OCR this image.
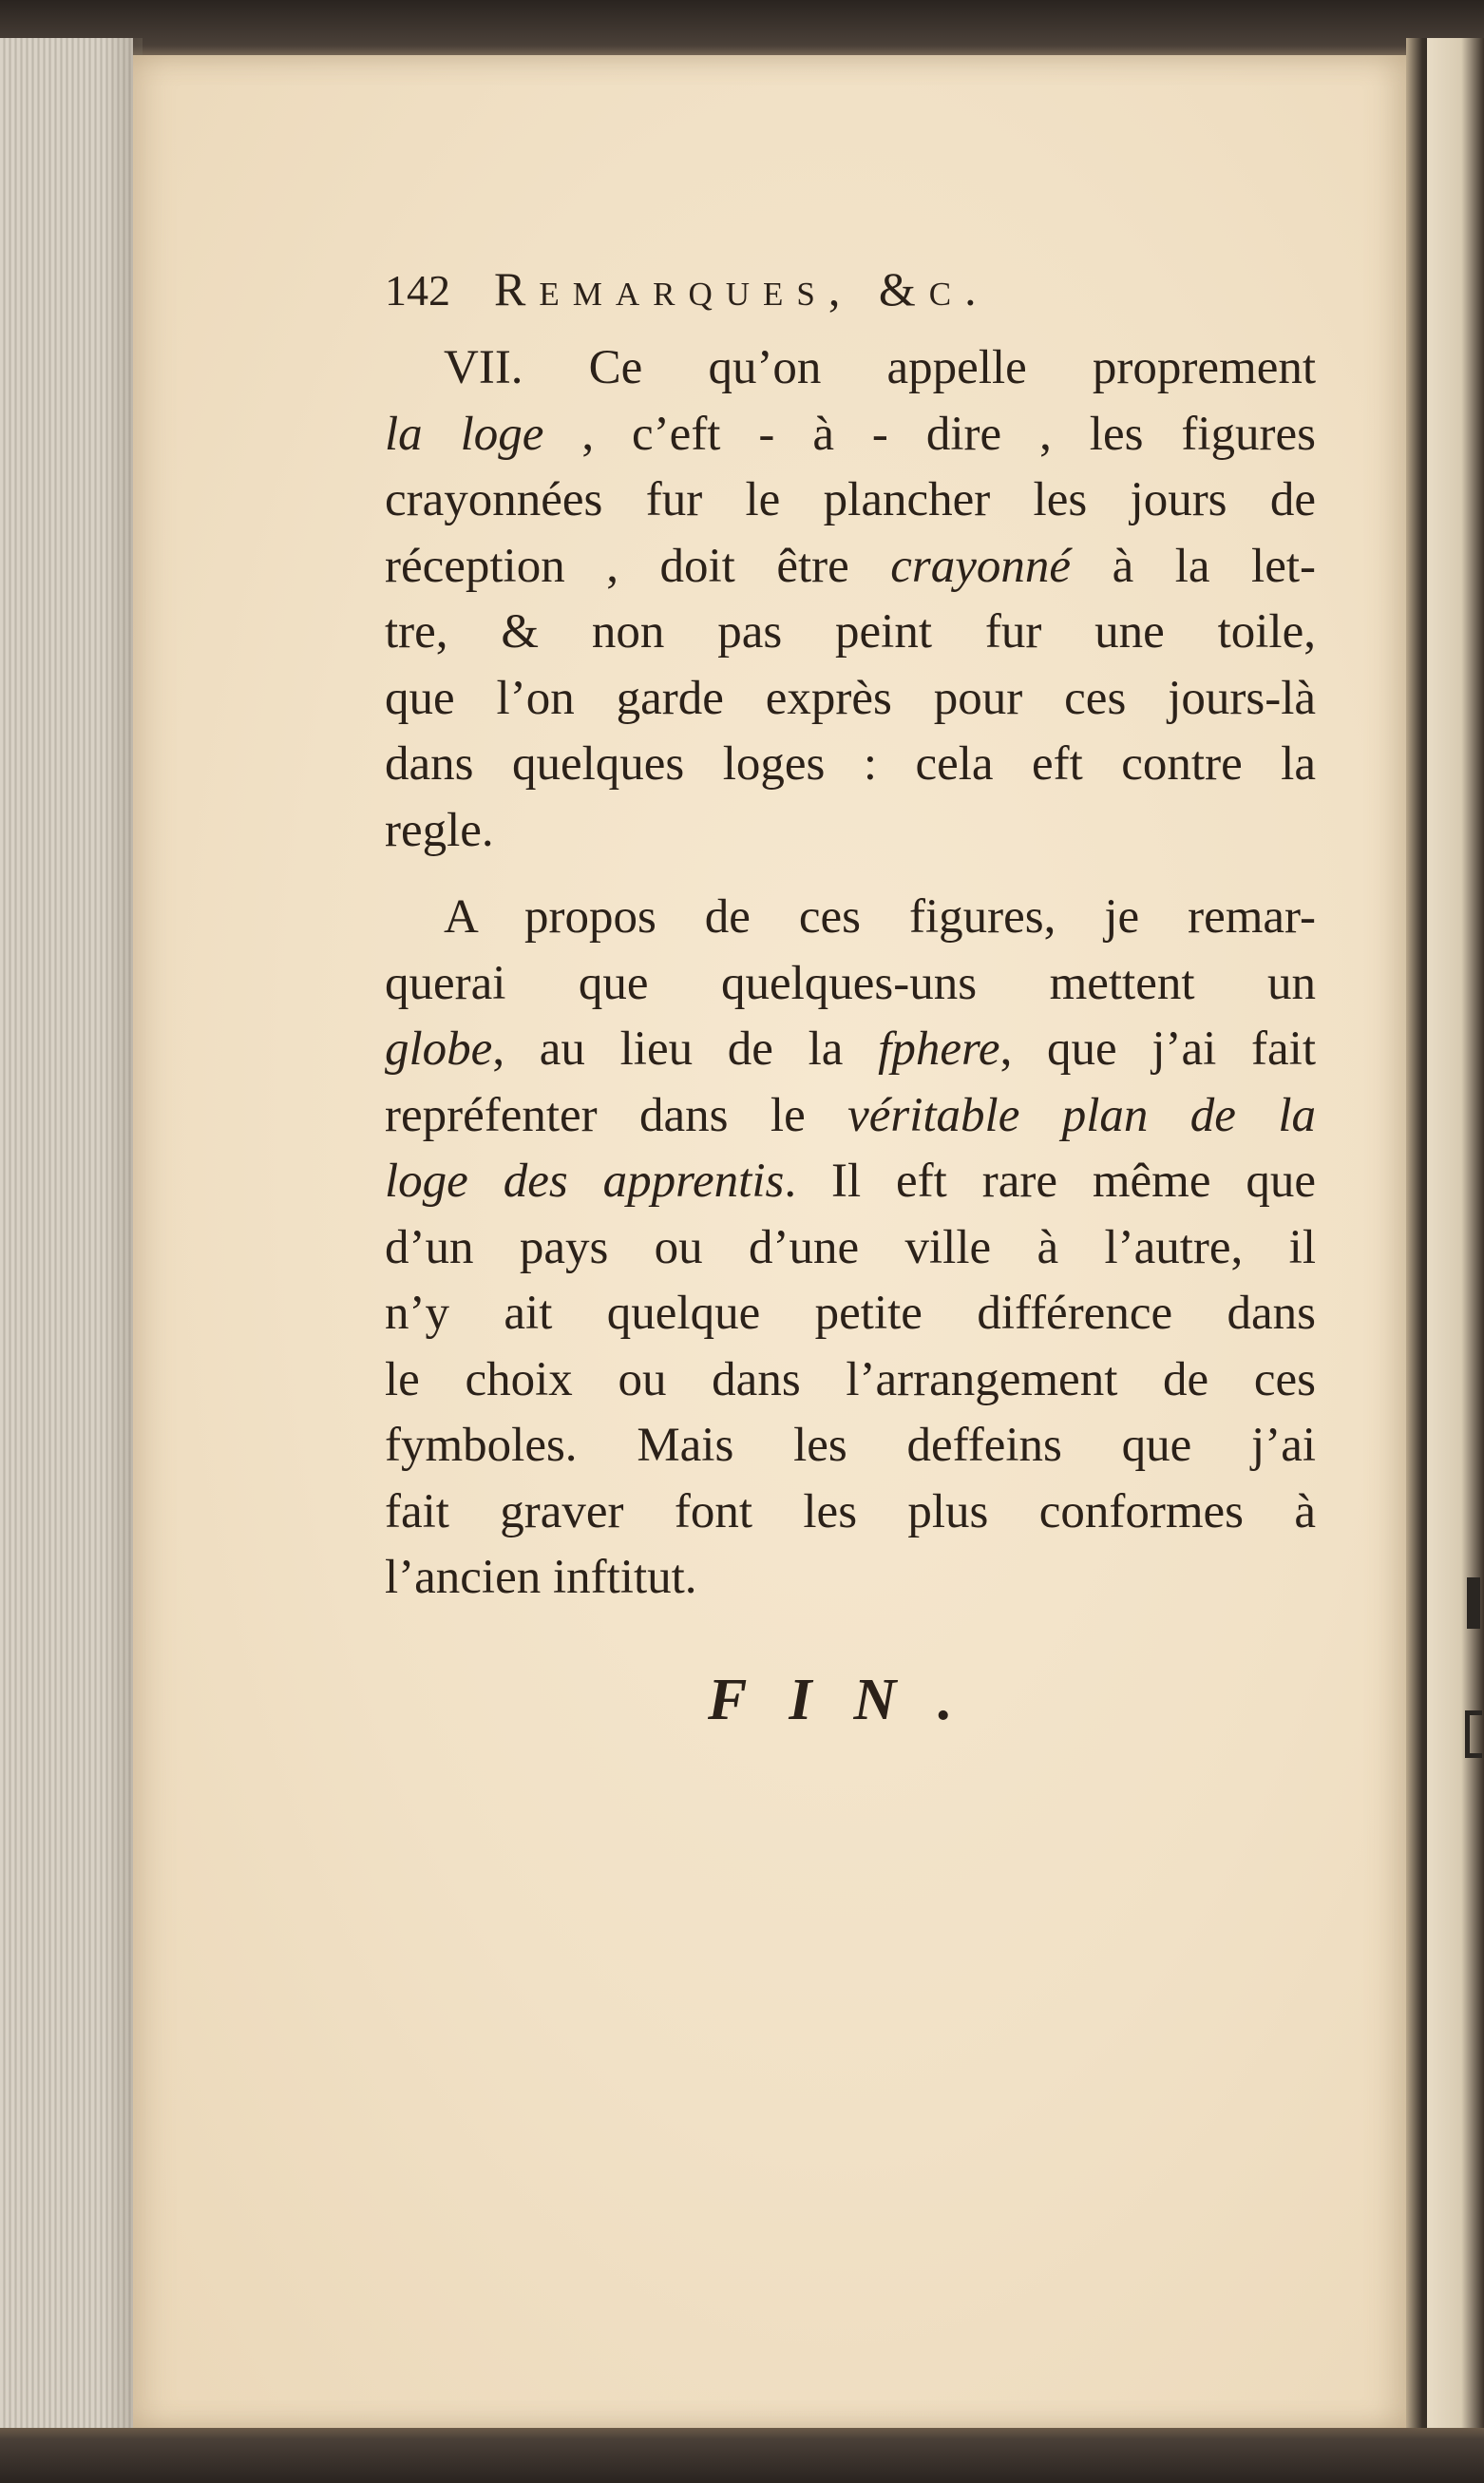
142 Remarques, &c.
VII. Ce qu’on appelle proprement
la loge , c’eft - à - dire , les figures
crayonnées fur le plancher les jours de
réception , doit être crayonné à la let-
tre, & non pas peint fur une toile,
que l’on garde exprès pour ces jours-là
dans quelques loges : cela eft contre la
regle.
A propos de ces figures, je remar-
querai que quelques-uns mettent un
globe, au lieu de la fphere, que j’ai fait
repréfenter dans le véritable plan de la
loge des apprentis. Il eft rare même que
d’un pays ou d’une ville à l’autre, il
n’y ait quelque petite différence dans
le choix ou dans l’arrangement de ces
fymboles. Mais les deffeins que j’ai
fait graver font les plus conformes à
l’ancien inftitut.
FIN.
